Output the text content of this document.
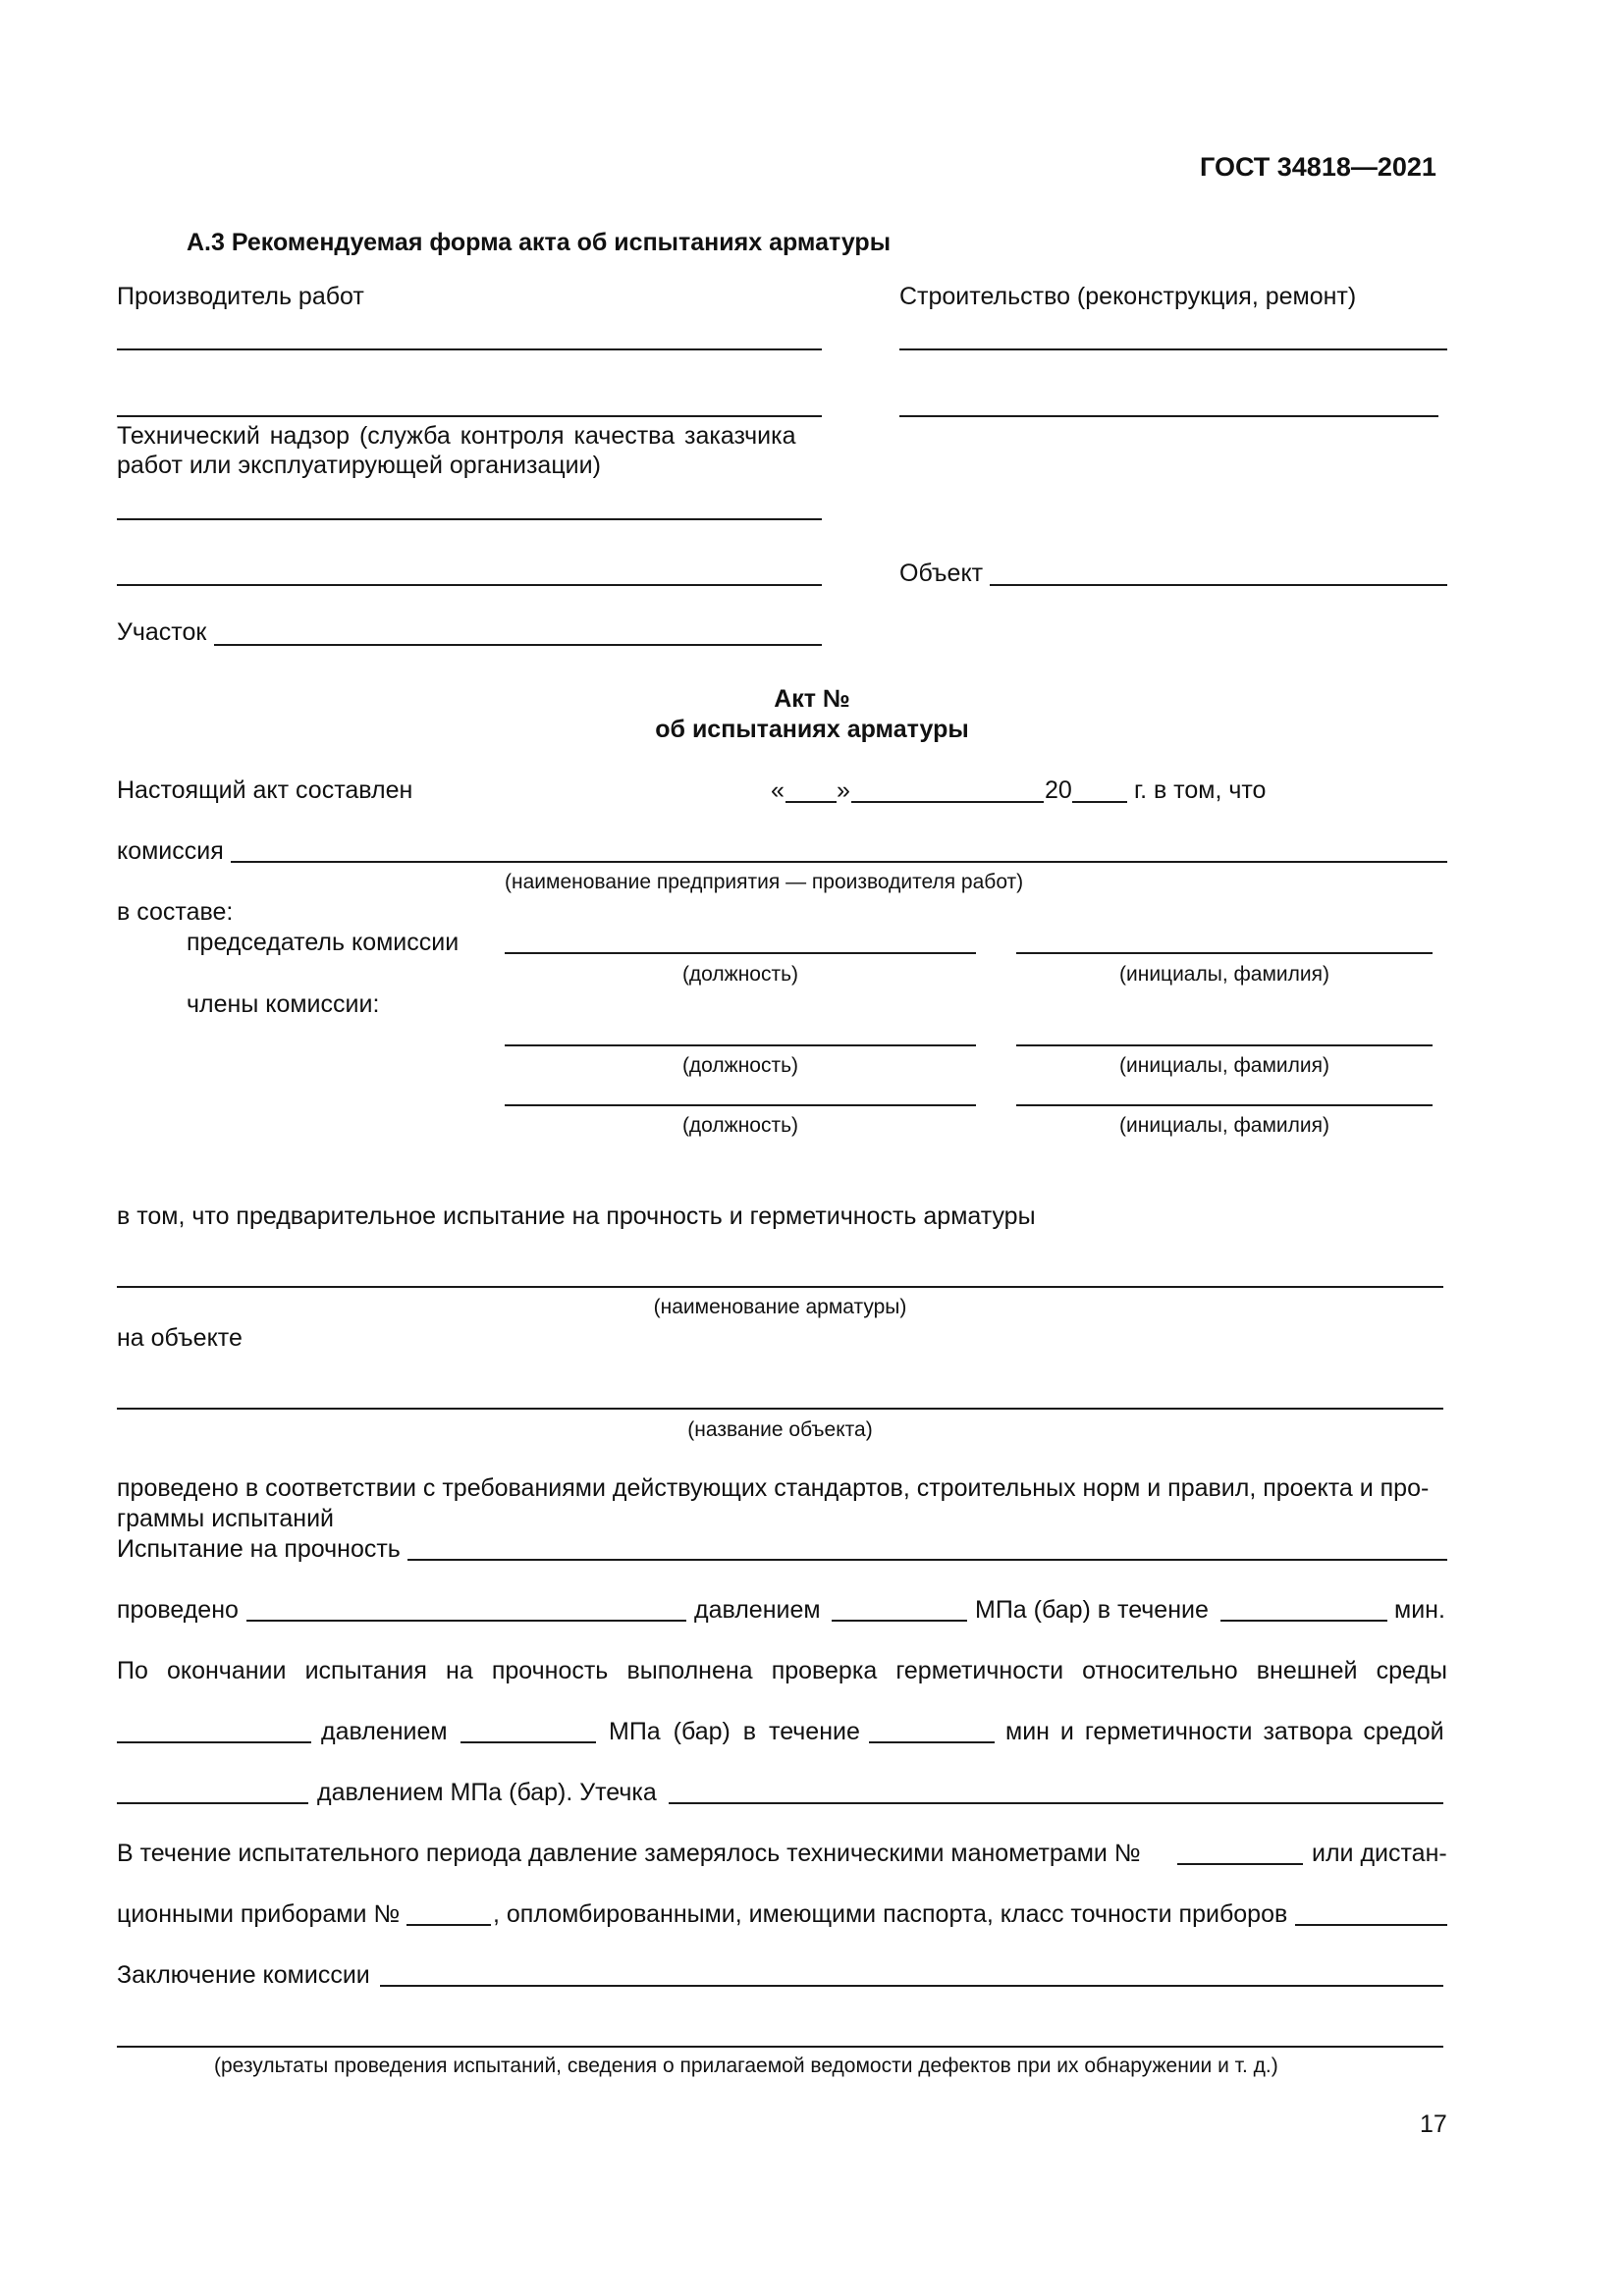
ГОСТ 34818—2021
А.3 Рекомендуемая форма акта об испытаниях арматуры
Производитель работ
Технический надзор (служба контроля качества заказчика
работ или эксплуатирующей организации)
Участок
Строительство (реконструкция, ремонт)
Объект
Акт №
об испытаниях арматуры
Настоящий акт составлен	« »	20	г. в том, что
комиссия
(наименование предприятия — производителя работ)
в составе:
председатель комиссии
(должность)	(инициалы, фамилия)
члены комиссии:
(должность)	(инициалы, фамилия)
(должность)	(инициалы, фамилия)
в том, что предварительное испытание на прочность и герметичность арматуры
(наименование арматуры)
на объекте
(название объекта)
проведено в соответствии с требованиями действующих стандартов, строительных норм и правил, проекта и про-
граммы испытаний
Испытание на прочность
проведено	давлением	МПа (бар) в течение	мин.
По окончании испытания на прочность выполнена проверка герметичности относительно внешней среды
давлением	МПа (бар) в течение	мин и герметичности затвора средой
давлением МПа (бар). Утечка
В течение испытательного периода давление замерялось техническими манометрами №	или дистан-
ционными приборами №	, опломбированными, имеющими паспорта, класс точности приборов
Заключение комиссии
(результаты проведения испытаний, сведения о прилагаемой ведомости дефектов при их обнаружении и т. д.)
17
